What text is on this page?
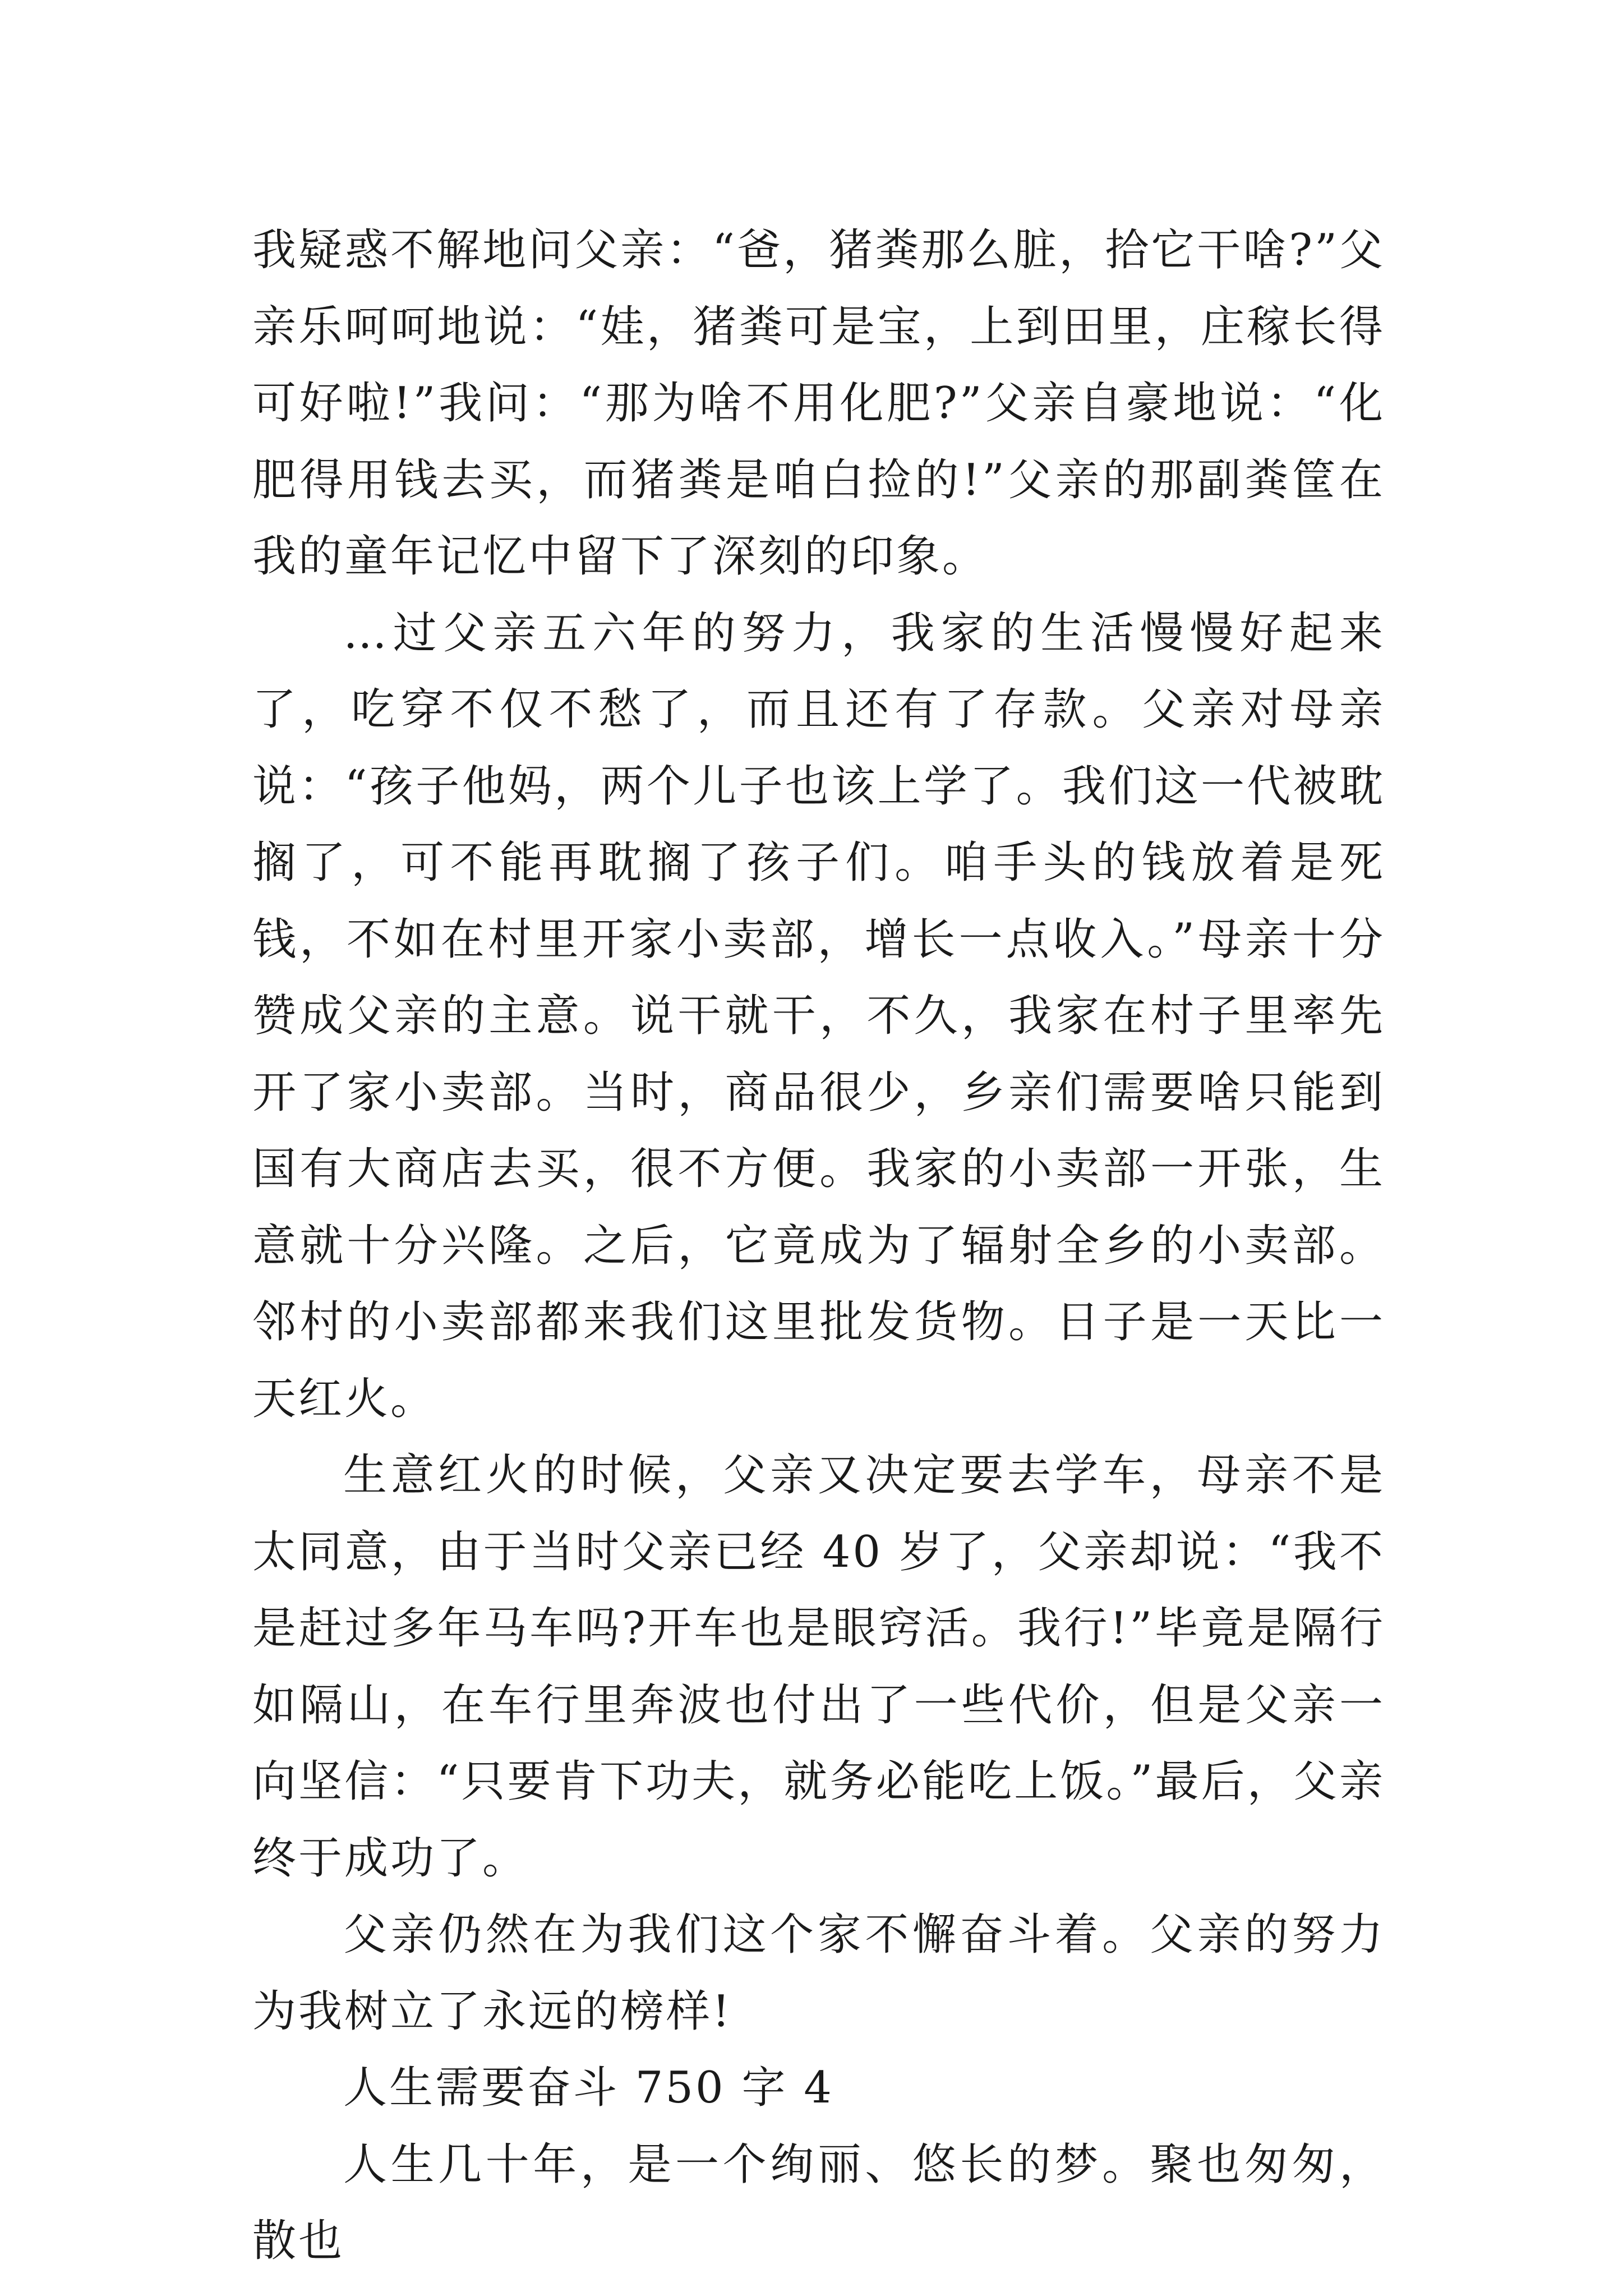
我疑惑不解地问父亲：“爸，猪粪那么脏，拾它干啥?”父亲乐呵呵地说：“娃，猪粪可是宝，上到田里，庄稼长得可好啦!”我问：“那为啥不用化肥?”父亲自豪地说：“化肥得用钱去买，而猪粪是咱白捡的!”父亲的那副粪筐在我的童年记忆中留下了深刻的印象。

…过父亲五六年的努力，我家的生活慢慢好起来了，吃穿不仅不愁了，而且还有了存款。父亲对母亲说：“孩子他妈，两个儿子也该上学了。我们这一代被耽搁了，可不能再耽搁了孩子们。咱手头的钱放着是死钱，不如在村里开家小卖部，增长一点收入。”母亲十分赞成父亲的主意。说干就干，不久，我家在村子里率先开了家小卖部。当时，商品很少，乡亲们需要啥只能到国有大商店去买，很不方便。我家的小卖部一开张，生意就十分兴隆。之后，它竟成为了辐射全乡的小卖部。邻村的小卖部都来我们这里批发货物。日子是一天比一天红火。

生意红火的时候，父亲又决定要去学车，母亲不是太同意，由于当时父亲已经 40 岁了，父亲却说：“我不是赶过多年马车吗?开车也是眼窍活。我行!”毕竟是隔行如隔山，在车行里奔波也付出了一些代价，但是父亲一向坚信：“只要肯下功夫，就务必能吃上饭。”最后，父亲终于成功了。

父亲仍然在为我们这个家不懈奋斗着。父亲的努力为我树立了永远的榜样!

人生需要奋斗 750 字 4

人生几十年，是一个绚丽、悠长的梦。聚也匆匆，散也
